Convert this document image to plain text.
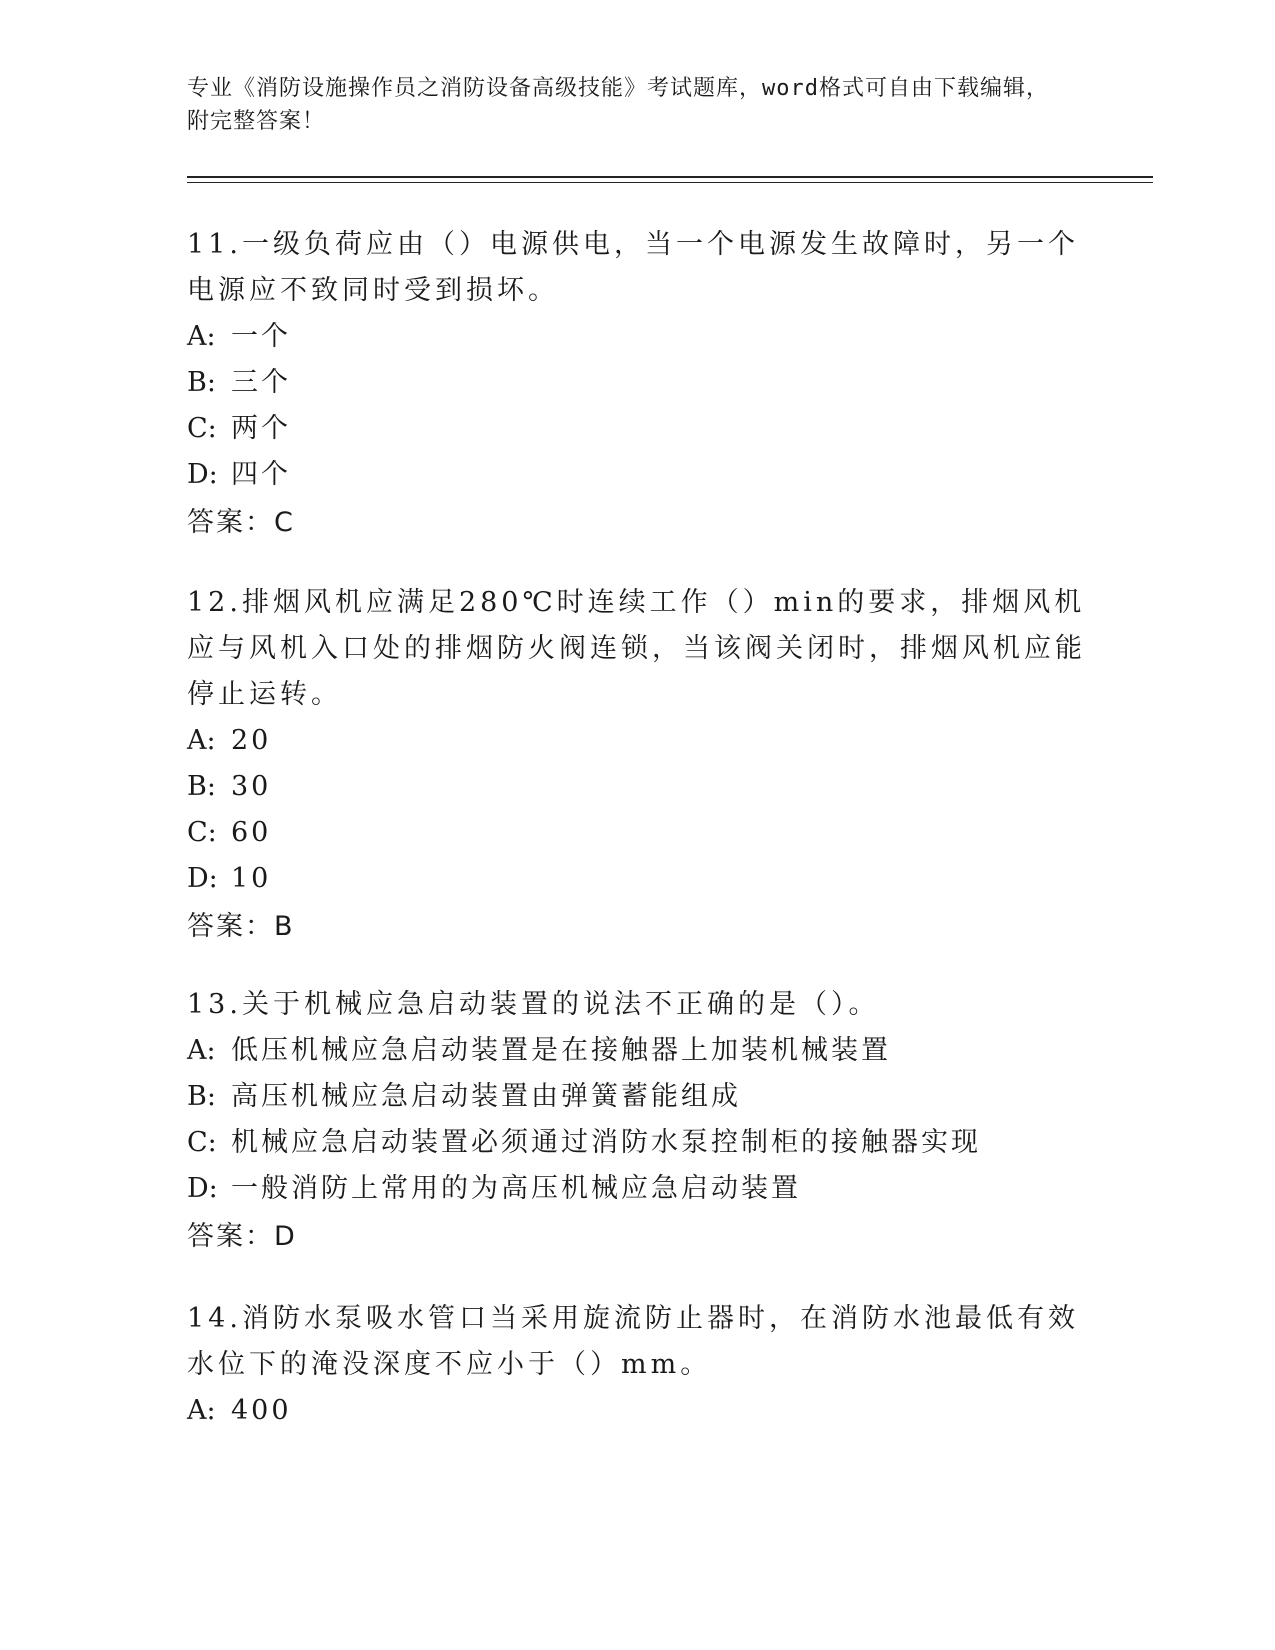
专业《消防设施操作员之消防设备高级技能》考试题库，word格式可自由下载编辑，附完整答案！
11.一级负荷应由（）电源供电，当一个电源发生故障时，另一个电源应不致同时受到损坏。
A: 一个
B: 三个
C: 两个
D: 四个
答案：C
12.排烟风机应满足280℃时连续工作（）min的要求，排烟风机应与风机入口处的排烟防火阀连锁，当该阀关闭时，排烟风机应能停止运转。
A: 20
B: 30
C: 60
D: 10
答案：B
13.关于机械应急启动装置的说法不正确的是（）。
A: 低压机械应急启动装置是在接触器上加装机械装置
B: 高压机械应急启动装置由弹簧蓄能组成
C: 机械应急启动装置必须通过消防水泵控制柜的接触器实现
D: 一般消防上常用的为高压机械应急启动装置
答案：D
14.消防水泵吸水管口当采用旋流防止器时，在消防水池最低有效水位下的淹没深度不应小于（）mm。
A: 400
